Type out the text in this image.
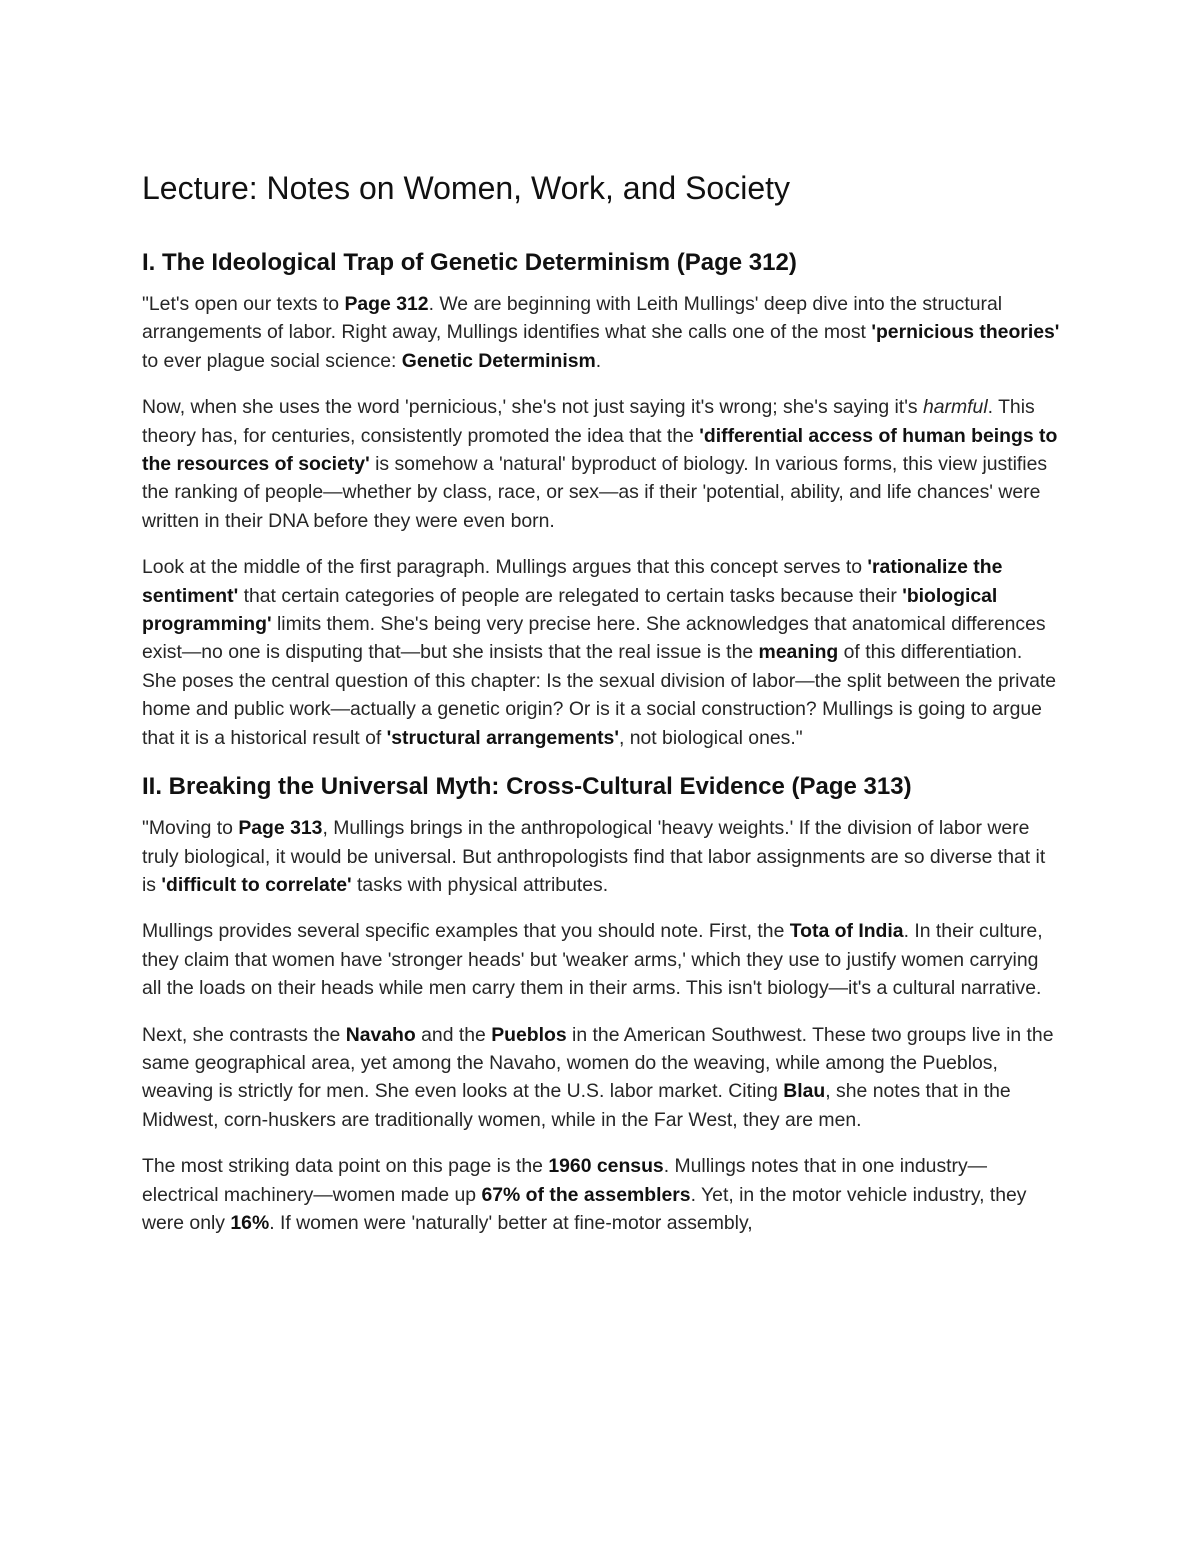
Lecture: Notes on Women, Work, and Society
I. The Ideological Trap of Genetic Determinism (Page 312)

"Let's open our texts to Page 312. We are beginning with Leith Mullings' deep dive into the structural arrangements of labor. Right away, Mullings identifies what she calls one of the most 'pernicious theories' to ever plague social science: Genetic Determinism.

Now, when she uses the word 'pernicious,' she's not just saying it's wrong; she's saying it's harmful. This theory has, for centuries, consistently promoted the idea that the 'differential access of human beings to the resources of society' is somehow a 'natural' byproduct of biology. In various forms, this view justifies the ranking of people—whether by class, race, or sex—as if their 'potential, ability, and life chances' were written in their DNA before they were even born.

Look at the middle of the first paragraph. Mullings argues that this concept serves to 'rationalize the sentiment' that certain categories of people are relegated to certain tasks because their 'biological programming' limits them. She's being very precise here. She acknowledges that anatomical differences exist—no one is disputing that—but she insists that the real issue is the meaning of this differentiation. She poses the central question of this chapter: Is the sexual division of labor—the split between the private home and public work—actually a genetic origin? Or is it a social construction? Mullings is going to argue that it is a historical result of 'structural arrangements', not biological ones."

II. Breaking the Universal Myth: Cross-Cultural Evidence (Page 313)

"Moving to Page 313, Mullings brings in the anthropological 'heavy weights.' If the division of labor were truly biological, it would be universal. But anthropologists find that labor assignments are so diverse that it is 'difficult to correlate' tasks with physical attributes.

Mullings provides several specific examples that you should note. First, the Tota of India. In their culture, they claim that women have 'stronger heads' but 'weaker arms,' which they use to justify women carrying all the loads on their heads while men carry them in their arms. This isn't biology—it's a cultural narrative.

Next, she contrasts the Navaho and the Pueblos in the American Southwest. These two groups live in the same geographical area, yet among the Navaho, women do the weaving, while among the Pueblos, weaving is strictly for men. She even looks at the U.S. labor market. Citing Blau, she notes that in the Midwest, corn-huskers are traditionally women, while in the Far West, they are men.

The most striking data point on this page is the 1960 census. Mullings notes that in one industry—electrical machinery—women made up 67% of the assemblers. Yet, in the motor vehicle industry, they were only 16%. If women were 'naturally' better at fine-motor assembly,
